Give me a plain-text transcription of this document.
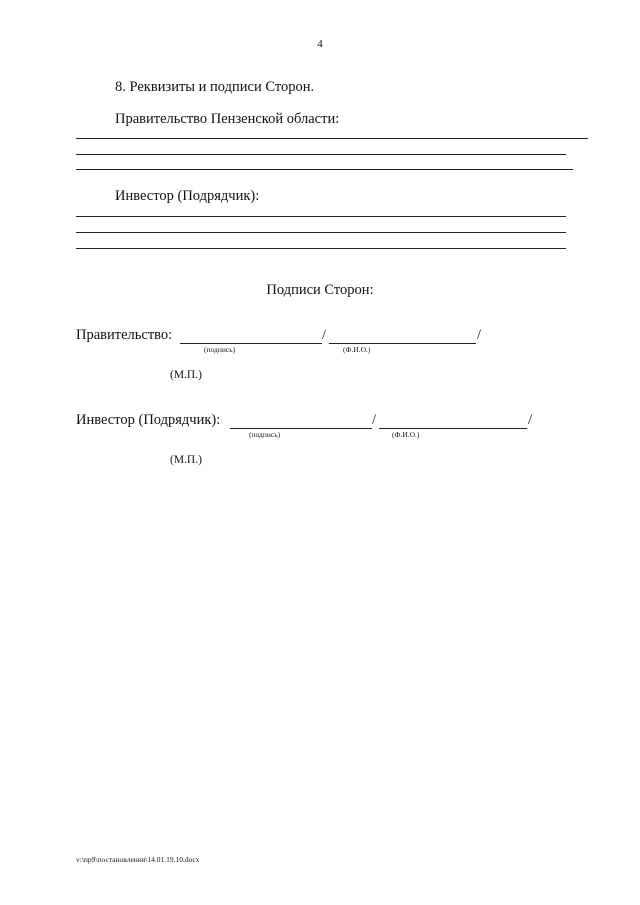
4
8. Реквизиты и подписи Сторон.
Правительство Пензенской области:
Инвестор (Подрядчик):
Подписи Сторон:
Правительство:	/	/
(подпись)	(Ф.И.О.)
(М.П.)
Инвестор (Подрядчик):	/	/
(подпись)	(Ф.И.О.)
(М.П.)
v:\пр9\постановления\14.01.19.10.docx
